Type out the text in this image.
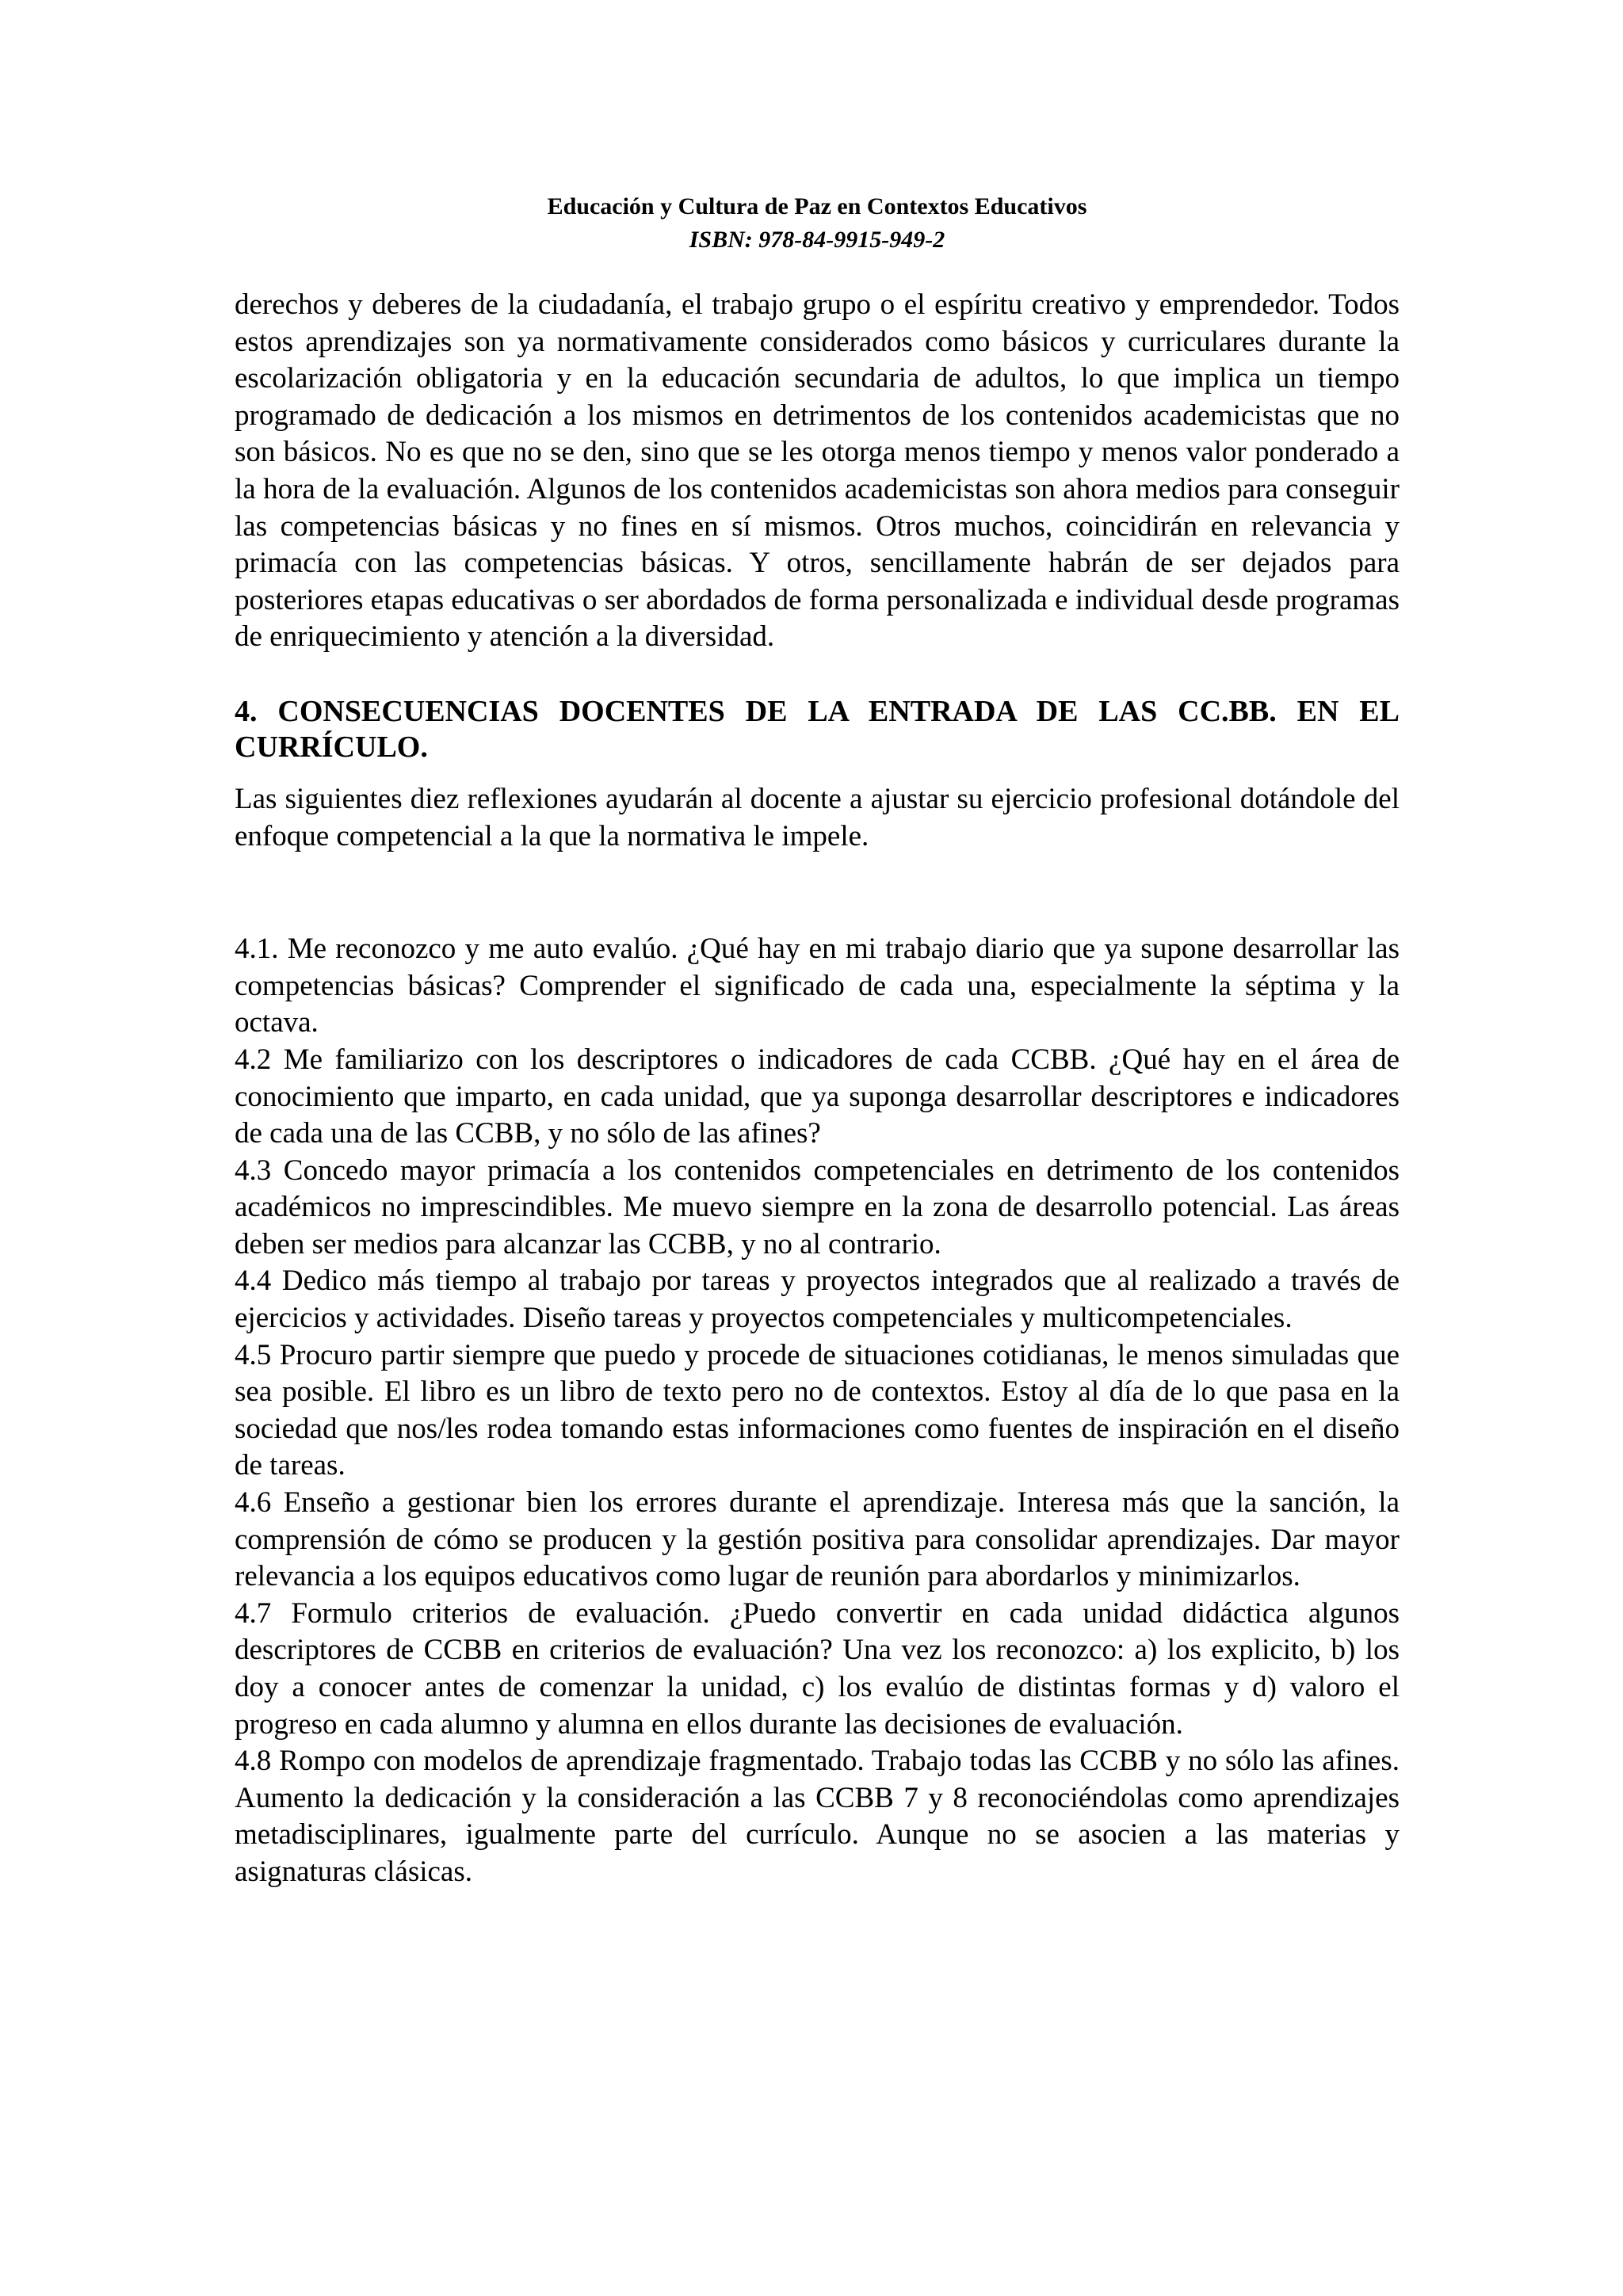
Educación y Cultura de Paz en Contextos Educativos
ISBN: 978-84-9915-949-2

derechos y deberes de la ciudadanía, el trabajo grupo o el espíritu creativo y emprendedor. Todos estos aprendizajes son ya normativamente considerados como básicos y curriculares durante la escolarización obligatoria y en la educación secundaria de adultos, lo que implica un tiempo programado de dedicación a los mismos en detrimentos de los contenidos academicistas que no son básicos. No es que no se den, sino que se les otorga menos tiempo y menos valor ponderado a la hora de la evaluación. Algunos de los contenidos academicistas son ahora medios para conseguir las competencias básicas y no fines en sí mismos. Otros muchos, coincidirán en relevancia y primacía con las competencias básicas. Y otros, sencillamente habrán de ser dejados para posteriores etapas educativas o ser abordados de forma personalizada e individual desde programas de enriquecimiento y atención a la diversidad.

4. CONSECUENCIAS DOCENTES DE LA ENTRADA DE LAS CC.BB. EN EL CURRÍCULO.

Las siguientes diez reflexiones ayudarán al docente a ajustar su ejercicio profesional dotándole del enfoque competencial a la que la normativa le impele.

4.1. Me reconozco y me auto evalúo. ¿Qué hay en mi trabajo diario que ya supone desarrollar las competencias básicas? Comprender el significado de cada una, especialmente la séptima y la octava.

4.2 Me familiarizo con los descriptores o indicadores de cada CCBB. ¿Qué hay en el área de conocimiento que imparto, en cada unidad, que ya suponga desarrollar descriptores e indicadores de cada una de las CCBB, y no sólo de las afines?

4.3 Concedo mayor primacía a los contenidos competenciales en detrimento de los contenidos académicos no imprescindibles. Me muevo siempre en la zona de desarrollo potencial. Las áreas deben ser medios para alcanzar las CCBB, y no al contrario.

4.4 Dedico más tiempo al trabajo por tareas y proyectos integrados que al realizado a través de ejercicios y actividades. Diseño tareas y proyectos competenciales y multicompetenciales.

4.5 Procuro partir siempre que puedo y procede de situaciones cotidianas, le menos simuladas que sea posible. El libro es un libro de texto pero no de contextos. Estoy al día de lo que pasa en la sociedad que nos/les rodea tomando estas informaciones como fuentes de inspiración en el diseño de tareas.

4.6 Enseño a gestionar bien los errores durante el aprendizaje. Interesa más que la sanción, la comprensión de cómo se producen y la gestión positiva para consolidar aprendizajes. Dar mayor relevancia a los equipos educativos como lugar de reunión para abordarlos y minimizarlos.

4.7 Formulo criterios de evaluación. ¿Puedo convertir en cada unidad didáctica algunos descriptores de CCBB en criterios de evaluación? Una vez los reconozco: a) los explicito, b) los doy a conocer antes de comenzar la unidad, c) los evalúo de distintas formas y d) valoro el progreso en cada alumno y alumna en ellos durante las decisiones de evaluación.

4.8 Rompo con modelos de aprendizaje fragmentado. Trabajo todas las CCBB y no sólo las afines. Aumento la dedicación y la consideración a las CCBB 7 y 8 reconociéndolas como aprendizajes metadisciplinares, igualmente parte del currículo. Aunque no se asocien a las materias y asignaturas clásicas.
